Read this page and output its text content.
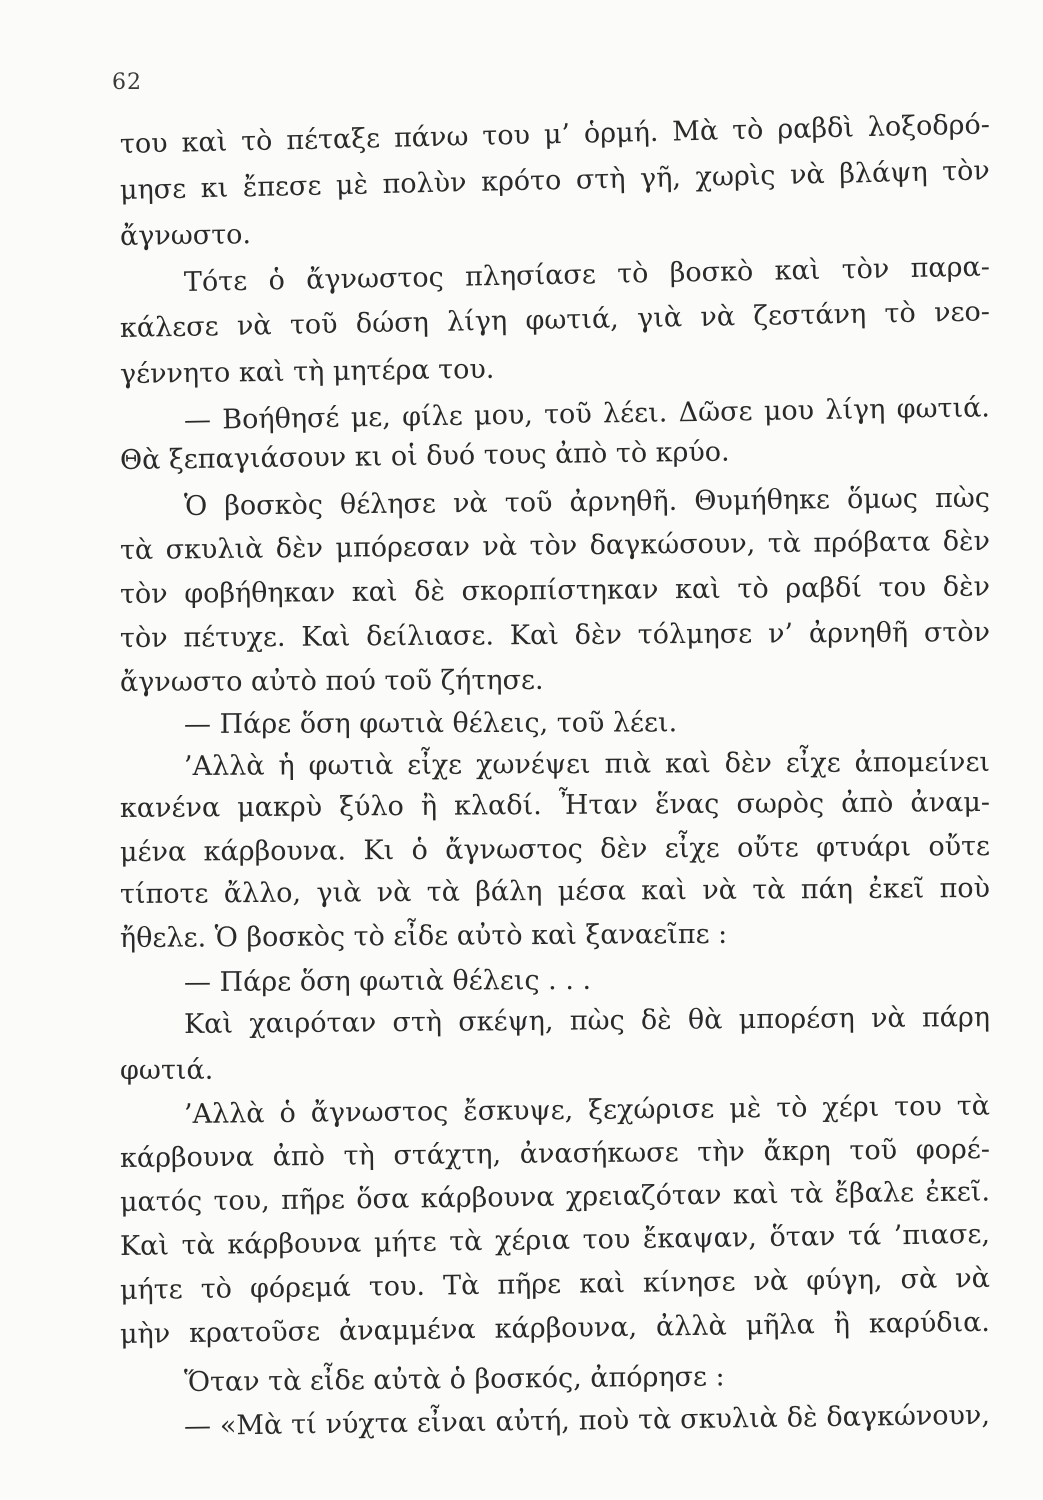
62
του καὶ τὸ πέταξε πάνω του μ’ ὁρμή. Μὰ τὸ ραβδὶ λοξοδρό-
μησε κι ἔπεσε μὲ πολὺν κρότο στὴ γῆ, χωρὶς νὰ βλάψη τὸν
ἄγνωστο.
Τότε ὁ ἄγνωστος πλησίασε τὸ βοσκὸ καὶ τὸν παρα-
κάλεσε νὰ τοῦ δώση λίγη φωτιά, γιὰ νὰ ζεστάνη τὸ νεο-
γέννητο καὶ τὴ μητέρα του.
— Βοήθησέ με, φίλε μου, τοῦ λέει. Δῶσε μου λίγη φωτιά.
Θὰ ξεπαγιάσουν κι οἱ δυό τους ἀπὸ τὸ κρύο.
Ὁ βοσκὸς θέλησε νὰ τοῦ ἀρνηθῆ. Θυμήθηκε ὅμως πὼς
τὰ σκυλιὰ δὲν μπόρεσαν νὰ τὸν δαγκώσουν, τὰ πρόβατα δὲν
τὸν φοβήθηκαν καὶ δὲ σκορπίστηκαν καὶ τὸ ραβδί του δὲν
τὸν πέτυχε. Καὶ δείλιασε. Καὶ δὲν τόλμησε ν’ ἀρνηθῆ στὸν
ἄγνωστο αὐτὸ πού τοῦ ζήτησε.
— Πάρε ὅση φωτιὰ θέλεις, τοῦ λέει.
’Αλλὰ ἡ φωτιὰ εἶχε χωνέψει πιὰ καὶ δὲν εἶχε ἀπομείνει
κανένα μακρὺ ξύλο ἢ κλαδί. Ἦταν ἕνας σωρὸς ἀπὸ ἀναμ-
μένα κάρβουνα. Κι ὁ ἄγνωστος δὲν εἶχε οὔτε φτυάρι οὔτε
τίποτε ἄλλο, γιὰ νὰ τὰ βάλη μέσα καὶ νὰ τὰ πάη ἐκεῖ ποὺ
ἤθελε. Ὁ βοσκὸς τὸ εἶδε αὐτὸ καὶ ξαναεῖπε :
— Πάρε ὅση φωτιὰ θέλεις . . .
Καὶ χαιρόταν στὴ σκέψη, πὼς δὲ θὰ μπορέση νὰ πάρη
φωτιά.
’Αλλὰ ὁ ἄγνωστος ἔσκυψε, ξεχώρισε μὲ τὸ χέρι του τὰ
κάρβουνα ἀπὸ τὴ στάχτη, ἀνασήκωσε τὴν ἄκρη τοῦ φορέ-
ματός του, πῆρε ὅσα κάρβουνα χρειαζόταν καὶ τὰ ἔβαλε ἐκεῖ.
Καὶ τὰ κάρβουνα μήτε τὰ χέρια του ἔκαψαν, ὅταν τά ’πιασε,
μήτε τὸ φόρεμά του. Τὰ πῆρε καὶ κίνησε νὰ φύγη, σὰ νὰ
μὴν κρατοῦσε ἀναμμένα κάρβουνα, ἀλλὰ μῆλα ἢ καρύδια.
Ὅταν τὰ εἶδε αὐτὰ ὁ βοσκός, ἀπόρησε :
— «Μὰ τί νύχτα εἶναι αὐτή, ποὺ τὰ σκυλιὰ δὲ δαγκώνουν,
